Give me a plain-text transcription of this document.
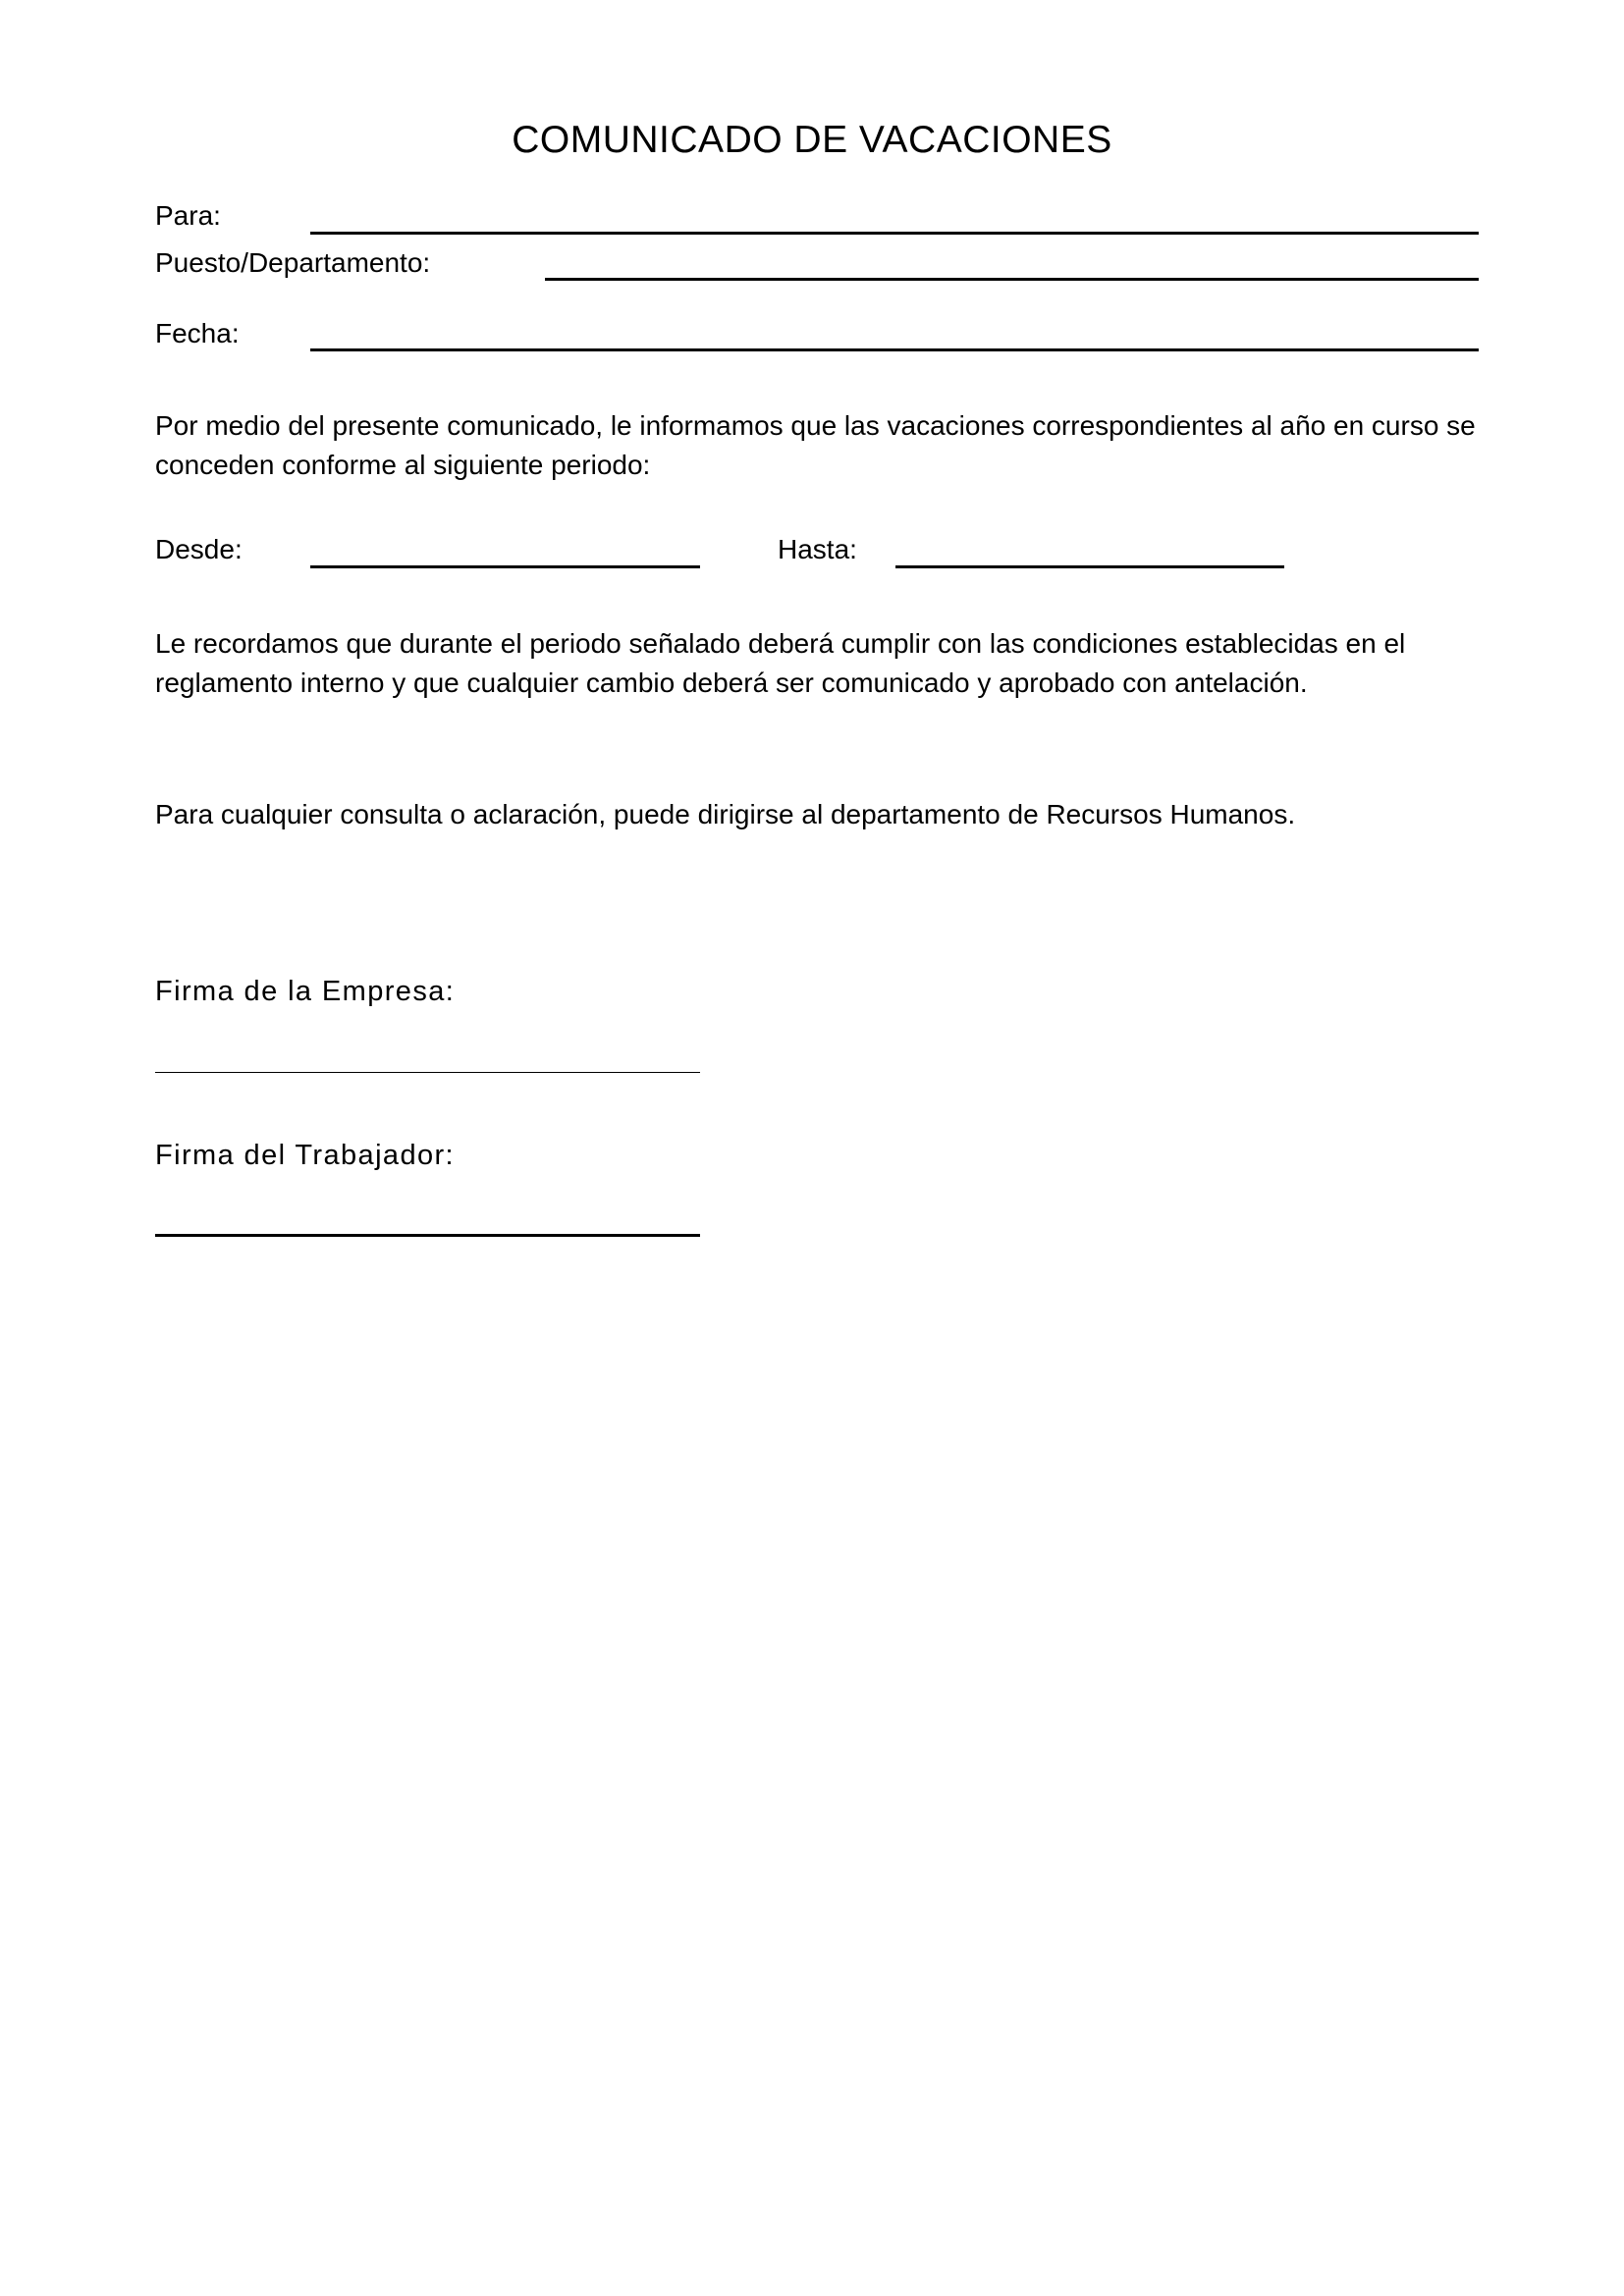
COMUNICADO DE VACACIONES
Para:
Puesto/Departamento:
Fecha:
Por medio del presente comunicado, le informamos que las vacaciones correspondientes al año en curso se
conceden conforme al siguiente periodo:
Desde:	Hasta:
Le recordamos que durante el periodo señalado deberá cumplir con las condiciones establecidas en el
reglamento interno y que cualquier cambio deberá ser comunicado y aprobado con antelación.
Para cualquier consulta o aclaración, puede dirigirse al departamento de Recursos Humanos.
Firma de la Empresa:
Firma del Trabajador:
